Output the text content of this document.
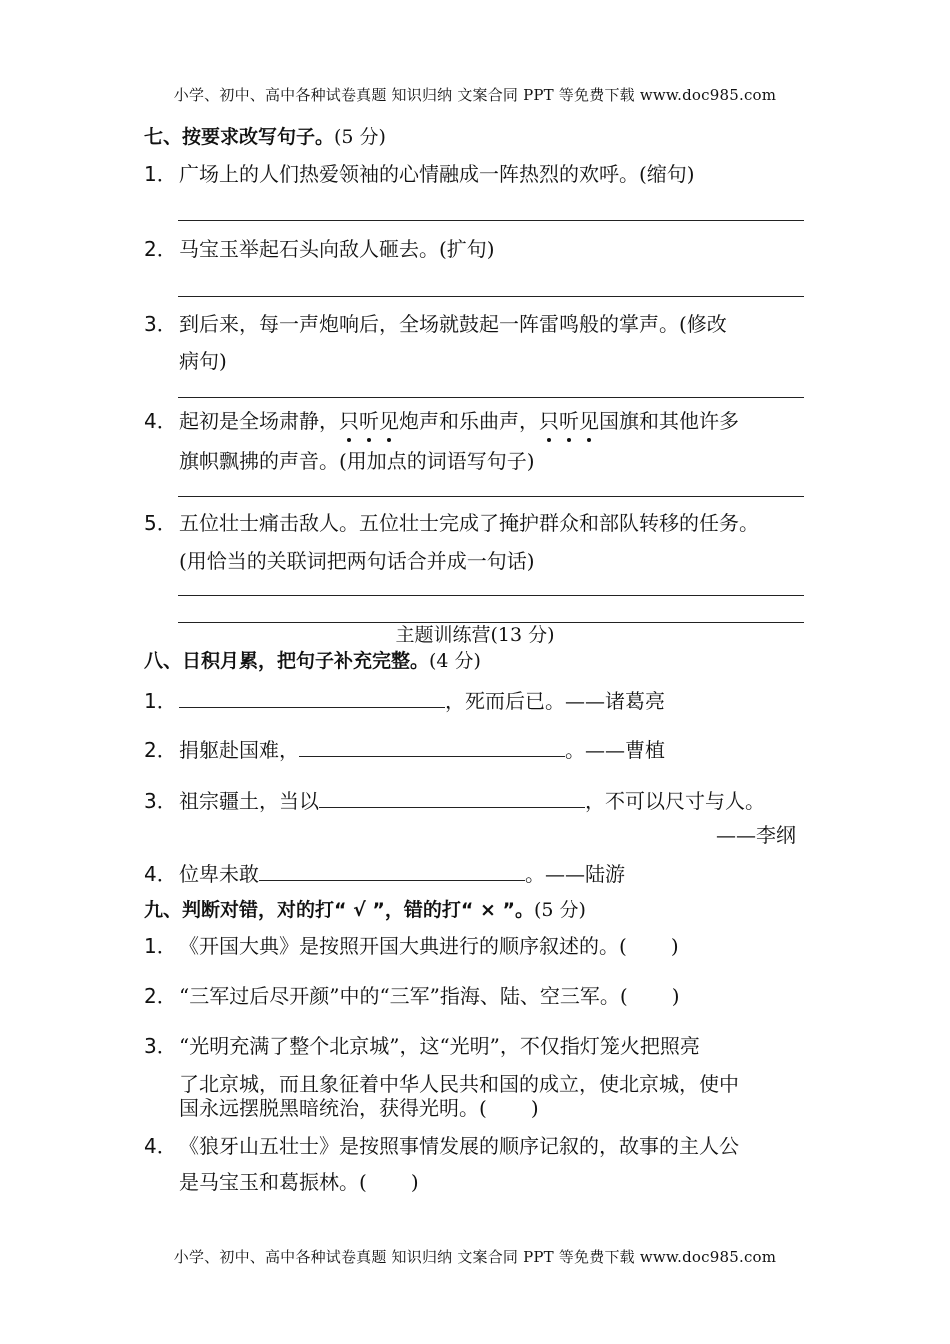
小学、初中、高中各种试卷真题 知识归纳 文案合同 PPT 等免费下载 www.doc985.com
七、按要求改写句子。(5 分)
1． 广场上的人们热爱领袖的心情融成一阵热烈的欢呼。(缩句)
2． 马宝玉举起石头向敌人砸去。(扩句)
3． 到后来，每一声炮响后，全场就鼓起一阵雷鸣般的掌声。(修改
病句)
4． 起初是全场肃静，只听见炮声和乐曲声，只听见国旗和其他许多
旗帜飘拂的声音。(用加点的词语写句子)
5． 五位壮士痛击敌人。五位壮士完成了掩护群众和部队转移的任务。
(用恰当的关联词把两句话合并成一句话)
主题训练营(13 分)
八、日积月累，把句子补充完整。(4 分)
1．	，死而后已。——诸葛亮
2． 捐躯赴国难，	。——曹植
3． 祖宗疆土，当以	，不可以尺寸与人。
——李纲
4． 位卑未敢	。——陆游
九、判断对错，对的打“ √ ”，错的打“ × ”。(5 分)
1． 《开国大典》是按照开国大典进行的顺序叙述的。( )
2． “三军过后尽开颜”中的“三军”指海、陆、空三军。( )
3． “光明充满了整个北京城”，这“光明”，不仅指灯笼火把照亮
了北京城，而且象征着中华人民共和国的成立，使北京城，使中
国永远摆脱黑暗统治，获得光明。( )
4． 《狼牙山五壮士》是按照事情发展的顺序记叙的，故事的主人公
是马宝玉和葛振林。( )
小学、初中、高中各种试卷真题 知识归纳 文案合同 PPT 等免费下载 www.doc985.com
